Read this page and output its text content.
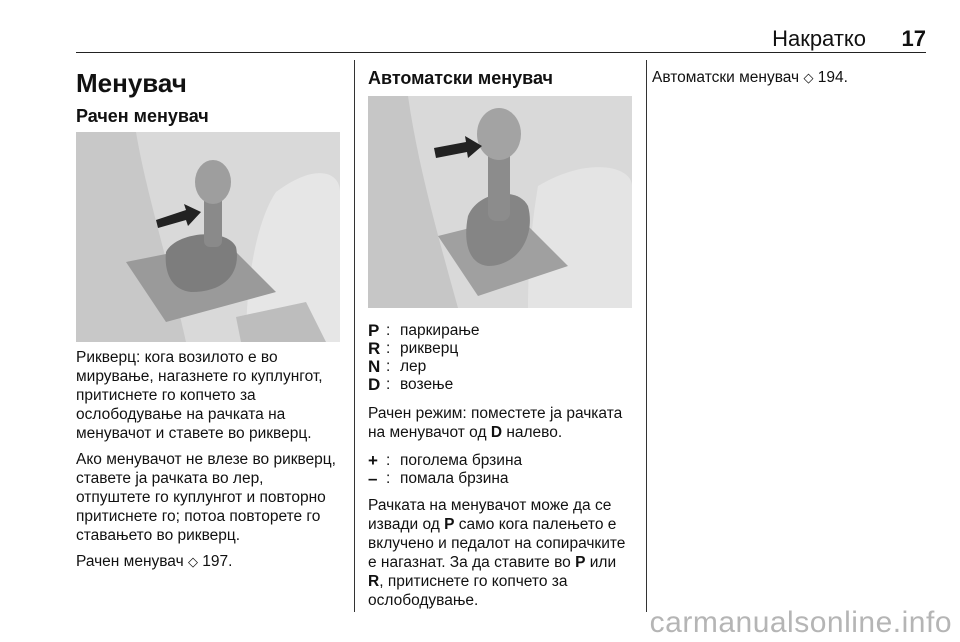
Накратко 17
Менувач
Рачен менувач

Рикверц: кога возилото е во мирување, нагазнете го куплунгот, притиснете го копчето за ослободување на рачката на менувачот и ставете во рикверц.

Ако менувачот не влезе во рикверц, ставете ја рачката во лер, отпуштете го куплунгот и повторно притиснете го; потоа повторете го ставањето во рикверц.

Рачен менувач ◇ 197.

Автоматски менувач
P : паркирање
R : рикверц
N : лер
D : возење

Рачен режим: поместете ја рачката на менувачот од D налево.

+ : поголема брзина
– : помала брзина

Рачката на менувачот може да се извади од P само кога палењето е вклучено и педалот на сопирачките е нагазнат. За да ставите во P или R, притиснете го копчето за ослободување.

Автоматски менувач ◇ 194.

carmanualsonline.info
